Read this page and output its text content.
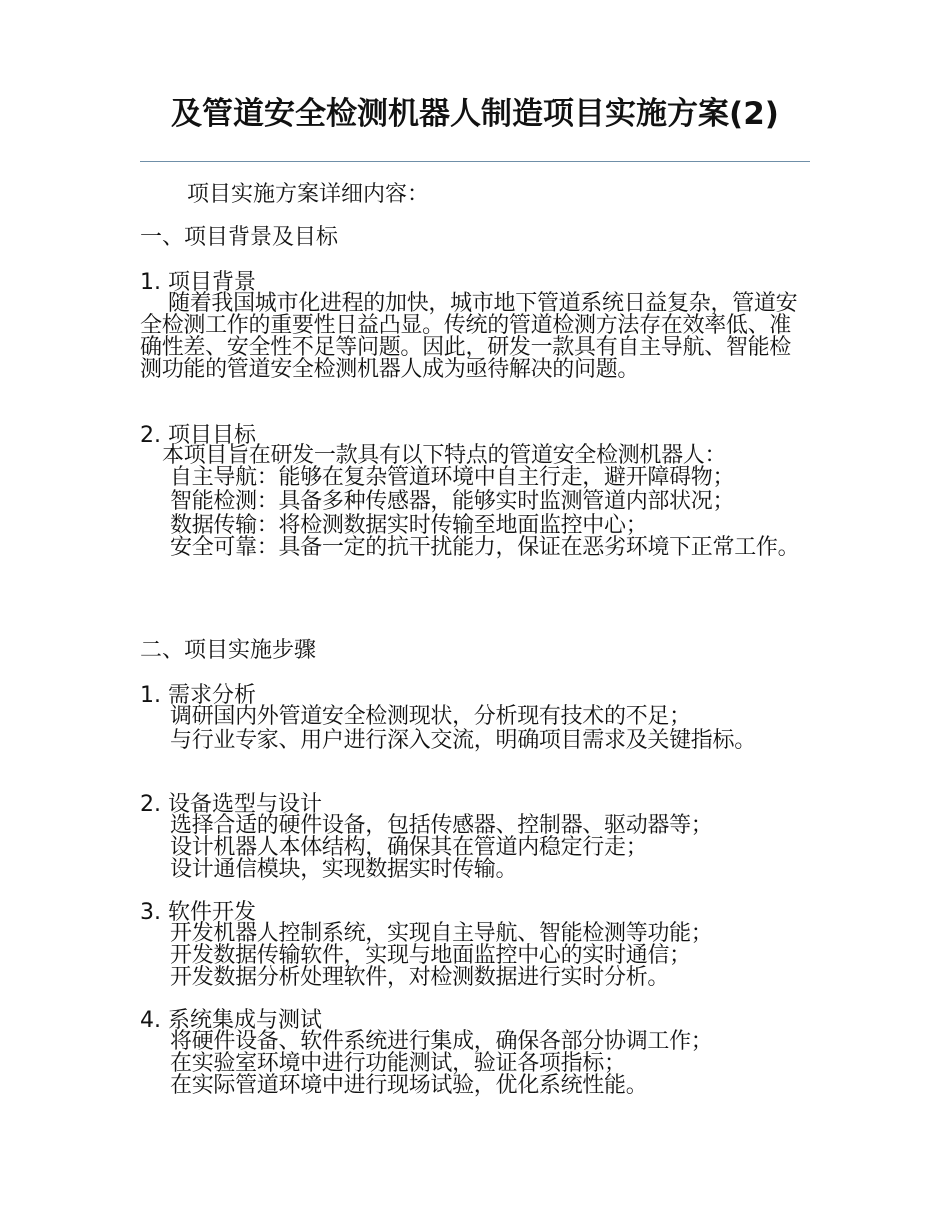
及管道安全检测机器人制造项目实施方案(2)
项目实施方案详细内容：
一、项目背景及目标
1. 项目背景
随着我国城市化进程的加快，城市地下管道系统日益复杂，管道安全检测工作的重要性日益凸显。传统的管道检测方法存在效率低、准确性差、安全性不足等问题。因此，研发一款具有自主导航、智能检测功能的管道安全检测机器人成为亟待解决的问题。
2. 项目目标
本项目旨在研发一款具有以下特点的管道安全检测机器人：
自主导航：能够在复杂管道环境中自主行走，避开障碍物；
智能检测：具备多种传感器，能够实时监测管道内部状况；
数据传输：将检测数据实时传输至地面监控中心；
安全可靠：具备一定的抗干扰能力，保证在恶劣环境下正常工作。
二、项目实施步骤
1. 需求分析
调研国内外管道安全检测现状，分析现有技术的不足；
与行业专家、用户进行深入交流，明确项目需求及关键指标。
2. 设备选型与设计
选择合适的硬件设备，包括传感器、控制器、驱动器等；
设计机器人本体结构，确保其在管道内稳定行走；
设计通信模块，实现数据实时传输。
3. 软件开发
开发机器人控制系统，实现自主导航、智能检测等功能；
开发数据传输软件，实现与地面监控中心的实时通信；
开发数据分析处理软件，对检测数据进行实时分析。
4. 系统集成与测试
将硬件设备、软件系统进行集成，确保各部分协调工作；
在实验室环境中进行功能测试，验证各项指标；
在实际管道环境中进行现场试验，优化系统性能。
